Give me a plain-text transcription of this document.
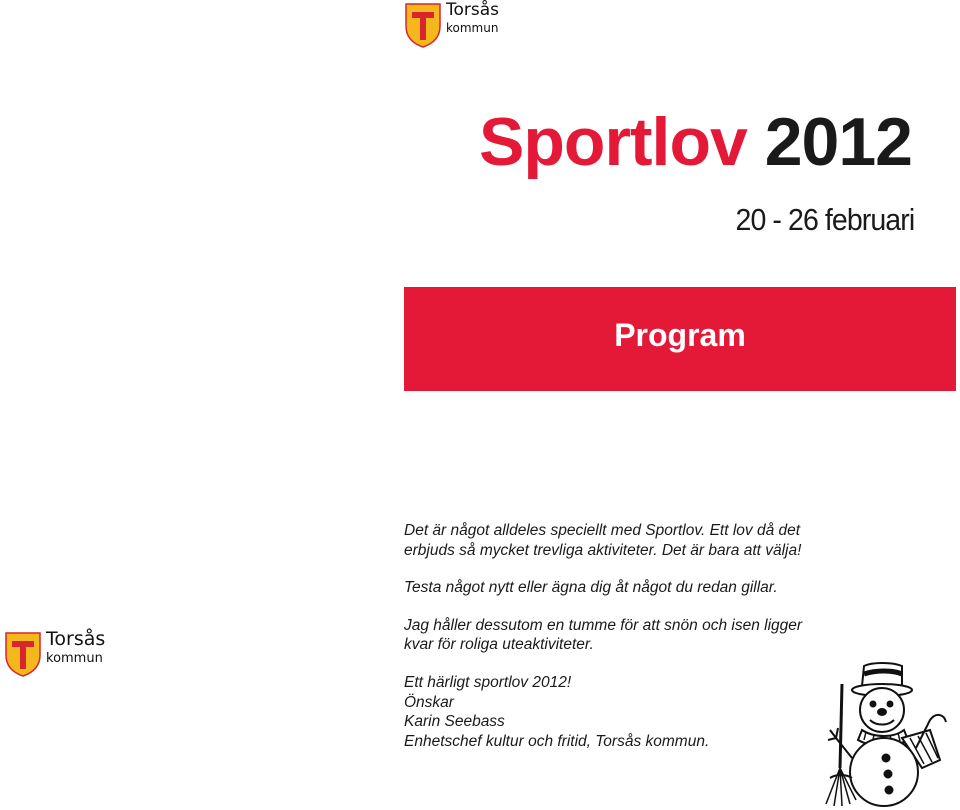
Torsås
kommun
Sportlov 2012
20 - 26 februari
Program

Det är något alldeles speciellt med Sportlov. Ett lov då det

erbjuds så mycket trevliga aktiviteter. Det är bara att välja!

Testa något nytt eller ägna dig åt något du redan gillar.

Jag håller dessutom en tumme för att snön och isen ligger

kvar för roliga uteaktiviteter.

Ett härligt sportlov 2012!

Önskar

Karin Seebass

Enhetschef kultur och fritid, Torsås kommun.

Torsås
kommun
